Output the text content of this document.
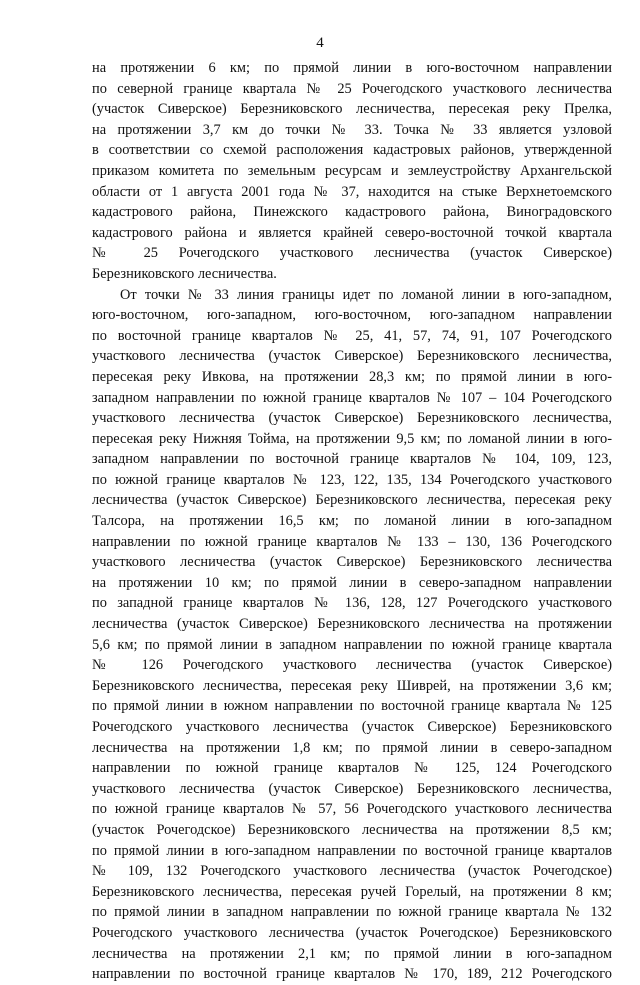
4
на протяжении 6 км; по прямой линии в юго-восточном направлении
по северной границе квартала № 25 Рочегодского участкового лесничества
(участок Сиверское) Березниковского лесничества, пересекая реку Прелка,
на протяжении 3,7 км до точки № 33. Точка № 33 является узловой
в соответствии со схемой расположения кадастровых районов, утвержденной
приказом комитета по земельным ресурсам и землеустройству Архангельской
области от 1 августа 2001 года № 37, находится на стыке Верхнетоемского
кадастрового района, Пинежского кадастрового района, Виноградовского
кадастрового района и является крайней северо-восточной точкой квартала
№ 25 Рочегодского участкового лесничества (участок Сиверское)
Березниковского лесничества.
От точки № 33 линия границы идет по ломаной линии в юго-западном,
юго-восточном, юго-западном, юго-восточном, юго-западном направлении
по восточной границе кварталов № 25, 41, 57, 74, 91, 107 Рочегодского
участкового лесничества (участок Сиверское) Березниковского лесничества,
пересекая реку Ивкова, на протяжении 28,3 км; по прямой линии в юго-
западном направлении по южной границе кварталов № 107 – 104 Рочегодского
участкового лесничества (участок Сиверское) Березниковского лесничества,
пересекая реку Нижняя Тойма, на протяжении 9,5 км; по ломаной линии в юго-
западном направлении по восточной границе кварталов № 104, 109, 123,
по южной границе кварталов № 123, 122, 135, 134 Рочегодского участкового
лесничества (участок Сиверское) Березниковского лесничества, пересекая реку
Талсора, на протяжении 16,5 км; по ломаной линии в юго-западном
направлении по южной границе кварталов № 133 – 130, 136 Рочегодского
участкового лесничества (участок Сиверское) Березниковского лесничества
на протяжении 10 км; по прямой линии в северо-западном направлении
по западной границе кварталов № 136, 128, 127 Рочегодского участкового
лесничества (участок Сиверское) Березниковского лесничества на протяжении
5,6 км; по прямой линии в западном направлении по южной границе квартала
№ 126 Рочегодского участкового лесничества (участок Сиверское)
Березниковского лесничества, пересекая реку Шиврей, на протяжении 3,6 км;
по прямой линии в южном направлении по восточной границе квартала № 125
Рочегодского участкового лесничества (участок Сиверское) Березниковского
лесничества на протяжении 1,8 км; по прямой линии в северо-западном
направлении по южной границе кварталов № 125, 124 Рочегодского
участкового лесничества (участок Сиверское) Березниковского лесничества,
по южной границе кварталов № 57, 56 Рочегодского участкового лесничества
(участок Рочегодское) Березниковского лесничества на протяжении 8,5 км;
по прямой линии в юго-западном направлении по восточной границе кварталов
№ 109, 132 Рочегодского участкового лесничества (участок Рочегодское)
Березниковского лесничества, пересекая ручей Горелый, на протяжении 8 км;
по прямой линии в западном направлении по южной границе квартала № 132
Рочегодского участкового лесничества (участок Рочегодское) Березниковского
лесничества на протяжении 2,1 км; по прямой линии в юго-западном
направлении по восточной границе кварталов № 170, 189, 212 Рочегодского
